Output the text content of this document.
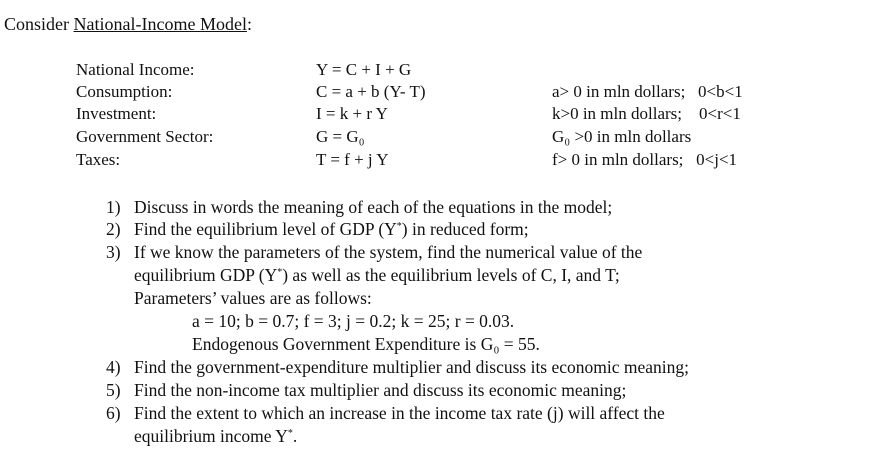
Consider National-Income Model:
National Income:	Y = C + I + G
Consumption:	C = a + b (Y- T)	a> 0 in mln dollars;   0<b<1
Investment:	I = k + r Y	k>0 in mln dollars;    0<r<1
Government Sector:	G = G₀	G₀ >0 in mln dollars
Taxes:	T = f + j Y	f> 0 in mln dollars;   0<j<1
1) Discuss in words the meaning of each of the equations in the model;
2) Find the equilibrium level of GDP (Y*) in reduced form;
3) If we know the parameters of the system, find the numerical value of the
equilibrium GDP (Y*) as well as the equilibrium levels of C, I, and T;
Parameters’ values are as follows:
a = 10; b = 0.7; f = 3; j = 0.2; k = 25; r = 0.03.
Endogenous Government Expenditure is G₀ = 55.
4) Find the government-expenditure multiplier and discuss its economic meaning;
5) Find the non-income tax multiplier and discuss its economic meaning;
6) Find the extent to which an increase in the income tax rate (j) will affect the
equilibrium income Y*.
